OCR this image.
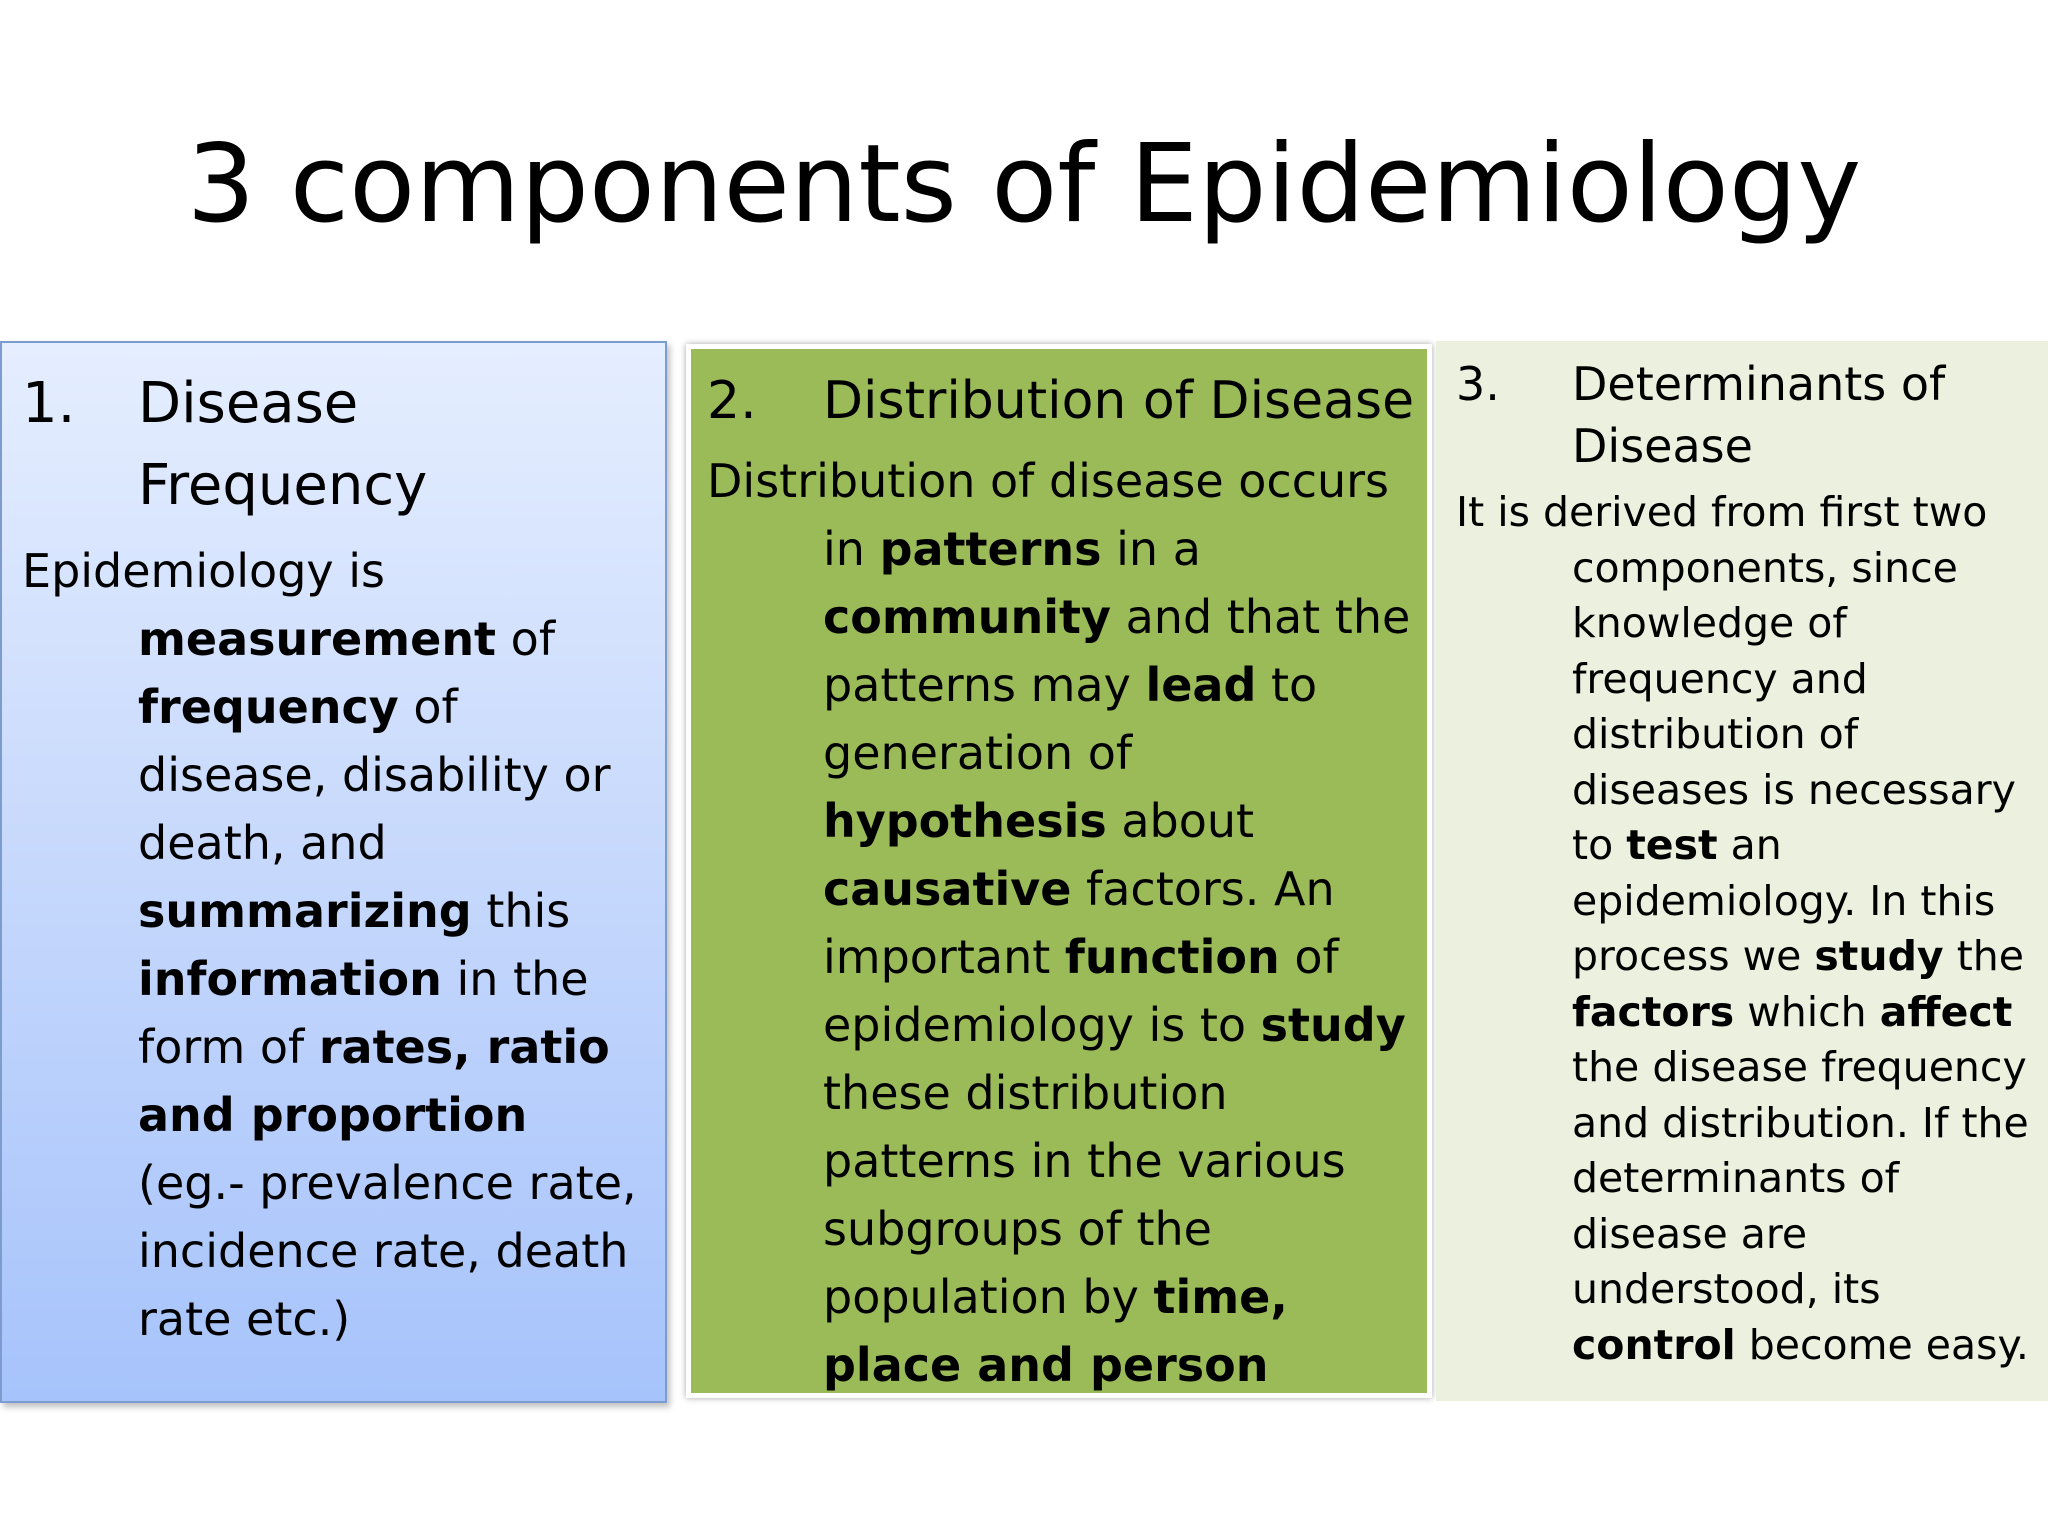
3 components of Epidemiology
1.	Disease Frequency

Epidemiology is measurement of frequency of disease, disability or death, and summarizing this information in the form of rates, ratio and proportion (eg.- prevalence rate, incidence rate, death rate etc.)

2.	Distribution of Disease

Distribution of disease occurs in patterns in a community and that the patterns may lead to generation of hypothesis about causative factors. An important function of epidemiology is to study these distribution patterns in the various subgroups of the population by time, place and person

3.	Determinants of Disease

It is derived from first two components, since knowledge of frequency and distribution of diseases is necessary to test an epidemiology. In this process we study the factors which affect the disease frequency and distribution. If the determinants of disease are understood, its control become easy.
